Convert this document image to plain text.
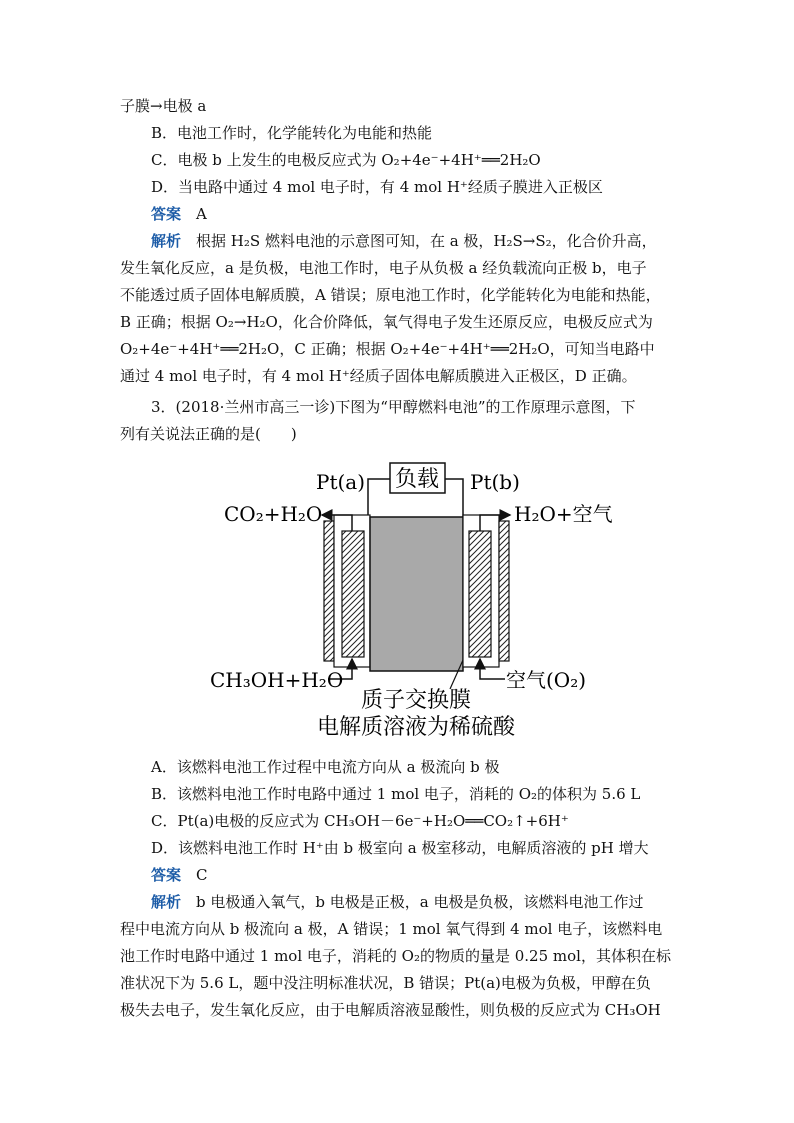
子膜→电极 a
B．电池工作时，化学能转化为电能和热能
C．电极 b 上发生的电极反应式为 O₂+4e⁻+4H⁺══2H₂O
D．当电路中通过 4 mol 电子时，有 4 mol H⁺经质子膜进入正极区
答案　 A
解析　 根据 H₂S 燃料电池的示意图可知，在 a 极，H₂S→S₂，化合价升高，
发生氧化反应，a 是负极，电池工作时，电子从负极 a 经负载流向正极 b，电子
不能透过质子固体电解质膜，A 错误；原电池工作时，化学能转化为电能和热能，
B 正确；根据 O₂→H₂O，化合价降低，氧气得电子发生还原反应，电极反应式为
O₂+4e⁻+4H⁺══2H₂O，C 正确；根据 O₂+4e⁻+4H⁺══2H₂O，可知当电路中
通过 4 mol 电子时，有 4 mol H⁺经质子固体电解质膜进入正极区，D 正确。
3．(2018·兰州市高三一诊)下图为“甲醇燃料电池”的工作原理示意图，下
列有关说法正确的是(　　)
负载
Pt(a)	Pt(b)
CO₂+H₂O	H₂O+空气
CH₃OH+H₂O	空气(O₂)
质子交换膜
电解质溶液为稀硫酸
A．该燃料电池工作过程中电流方向从 a 极流向 b 极
B．该燃料电池工作时电路中通过 1 mol 电子，消耗的 O₂的体积为 5.6 L
C．Pt(a)电极的反应式为 CH₃OH－6e⁻+H₂O══CO₂↑+6H⁺
D．该燃料电池工作时 H⁺由 b 极室向 a 极室移动，电解质溶液的 pH 增大
答案　 C
解析　 b 电极通入氧气，b 电极是正极，a 电极是负极，该燃料电池工作过
程中电流方向从 b 极流向 a 极，A 错误；1 mol 氧气得到 4 mol 电子，该燃料电
池工作时电路中通过 1 mol 电子，消耗的 O₂的物质的量是 0.25 mol，其体积在标
准状况下为 5.6 L，题中没注明标准状况，B 错误；Pt(a)电极为负极，甲醇在负
极失去电子，发生氧化反应，由于电解质溶液显酸性，则负极的反应式为 CH₃OH
